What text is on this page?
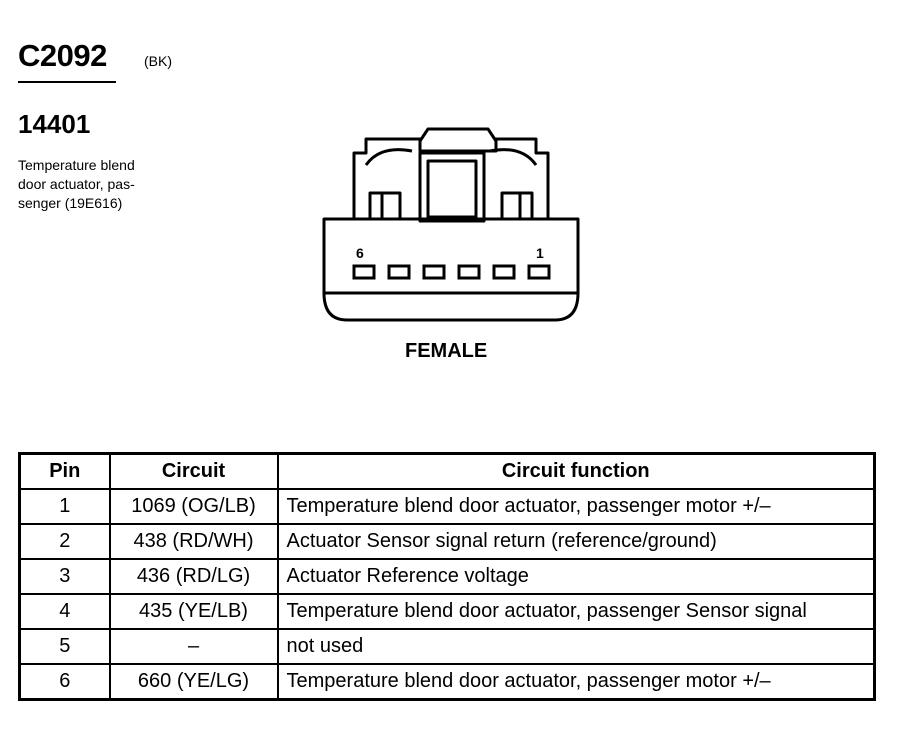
C2092	(BK)
14401
Temperature blend
door actuator, pas-
senger (19E616)
6	1
FEMALE
Pin	Circuit	Circuit function
1	1069 (OG/LB)	Temperature blend door actuator, passenger motor +/–
2	438 (RD/WH)	Actuator Sensor signal return (reference/ground)
3	436 (RD/LG)	Actuator Reference voltage
4	435 (YE/LB)	Temperature blend door actuator, passenger Sensor signal
5	–	not used
6	660 (YE/LG)	Temperature blend door actuator, passenger motor +/–
